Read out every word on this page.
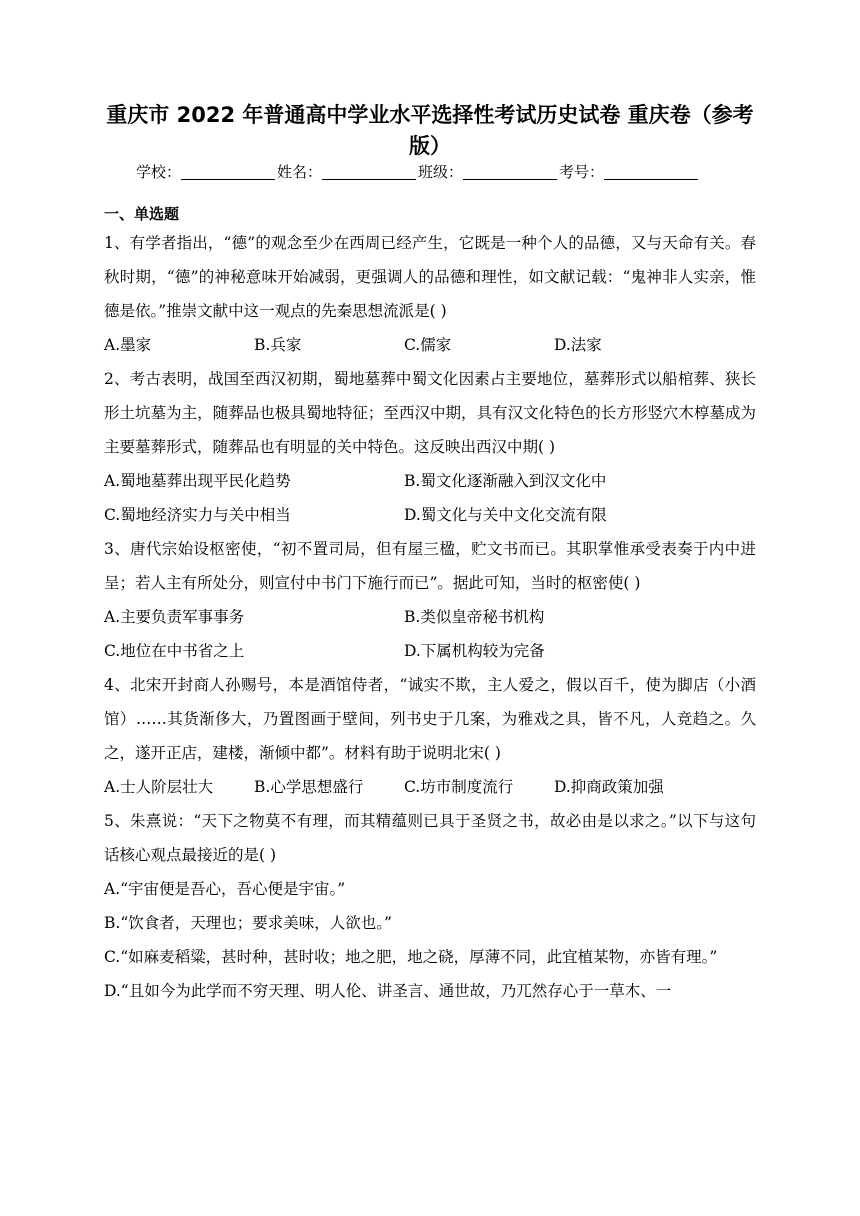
重庆市 2022 年普通高中学业水平选择性考试历史试卷 重庆卷（参考
版）
学校：	姓名：	班级：	考号：
一、单选题

1、有学者指出，“德”的观念至少在西周已经产生，它既是一种个人的品德，又与天命有关。春秋时期，“德”的神秘意味开始减弱，更强调人的品德和理性，如文献记载：“鬼神非人实亲，惟德是依。”推崇文献中这一观点的先秦思想流派是( )

A.墨家	B.兵家	C.儒家	D.法家

2、考古表明，战国至西汉初期，蜀地墓葬中蜀文化因素占主要地位，墓葬形式以船棺葬、狭长形土坑墓为主，随葬品也极具蜀地特征；至西汉中期，具有汉文化特色的长方形竖穴木椁墓成为主要墓葬形式，随葬品也有明显的关中特色。这反映出西汉中期( )

A.蜀地墓葬出现平民化趋势	B.蜀文化逐渐融入到汉文化中
C.蜀地经济实力与关中相当	D.蜀文化与关中文化交流有限

3、唐代宗始设枢密使，“初不置司局，但有屋三楹，贮文书而已。其职掌惟承受表奏于内中进呈；若人主有所处分，则宣付中书门下施行而已”。据此可知，当时的枢密使( )

A.主要负责军事事务	B.类似皇帝秘书机构
C.地位在中书省之上	D.下属机构较为完备

4、北宋开封商人孙赐号，本是酒馆侍者，“诚实不欺，主人爱之，假以百千，使为脚店（小酒馆）……其货渐侈大，乃置图画于壁间，列书史于几案，为雅戏之具，皆不凡，人竞趋之。久之，遂开正店，建楼，渐倾中都”。材料有助于说明北宋( )

A.士人阶层壮大	B.心学思想盛行	C.坊市制度流行	D.抑商政策加强

5、朱熹说：“天下之物莫不有理，而其精蕴则已具于圣贤之书，故必由是以求之。”以下与这句话核心观点最接近的是( )

A.“宇宙便是吾心，吾心便是宇宙。”

B.“饮食者，天理也；要求美味，人欲也。”

C.“如麻麦稻粱，甚时种，甚时收；地之肥，地之硗，厚薄不同，此宜植某物，亦皆有理。”

D.“且如今为此学而不穷天理、明人伦、讲圣言、通世故，乃兀然存心于一草木、一
